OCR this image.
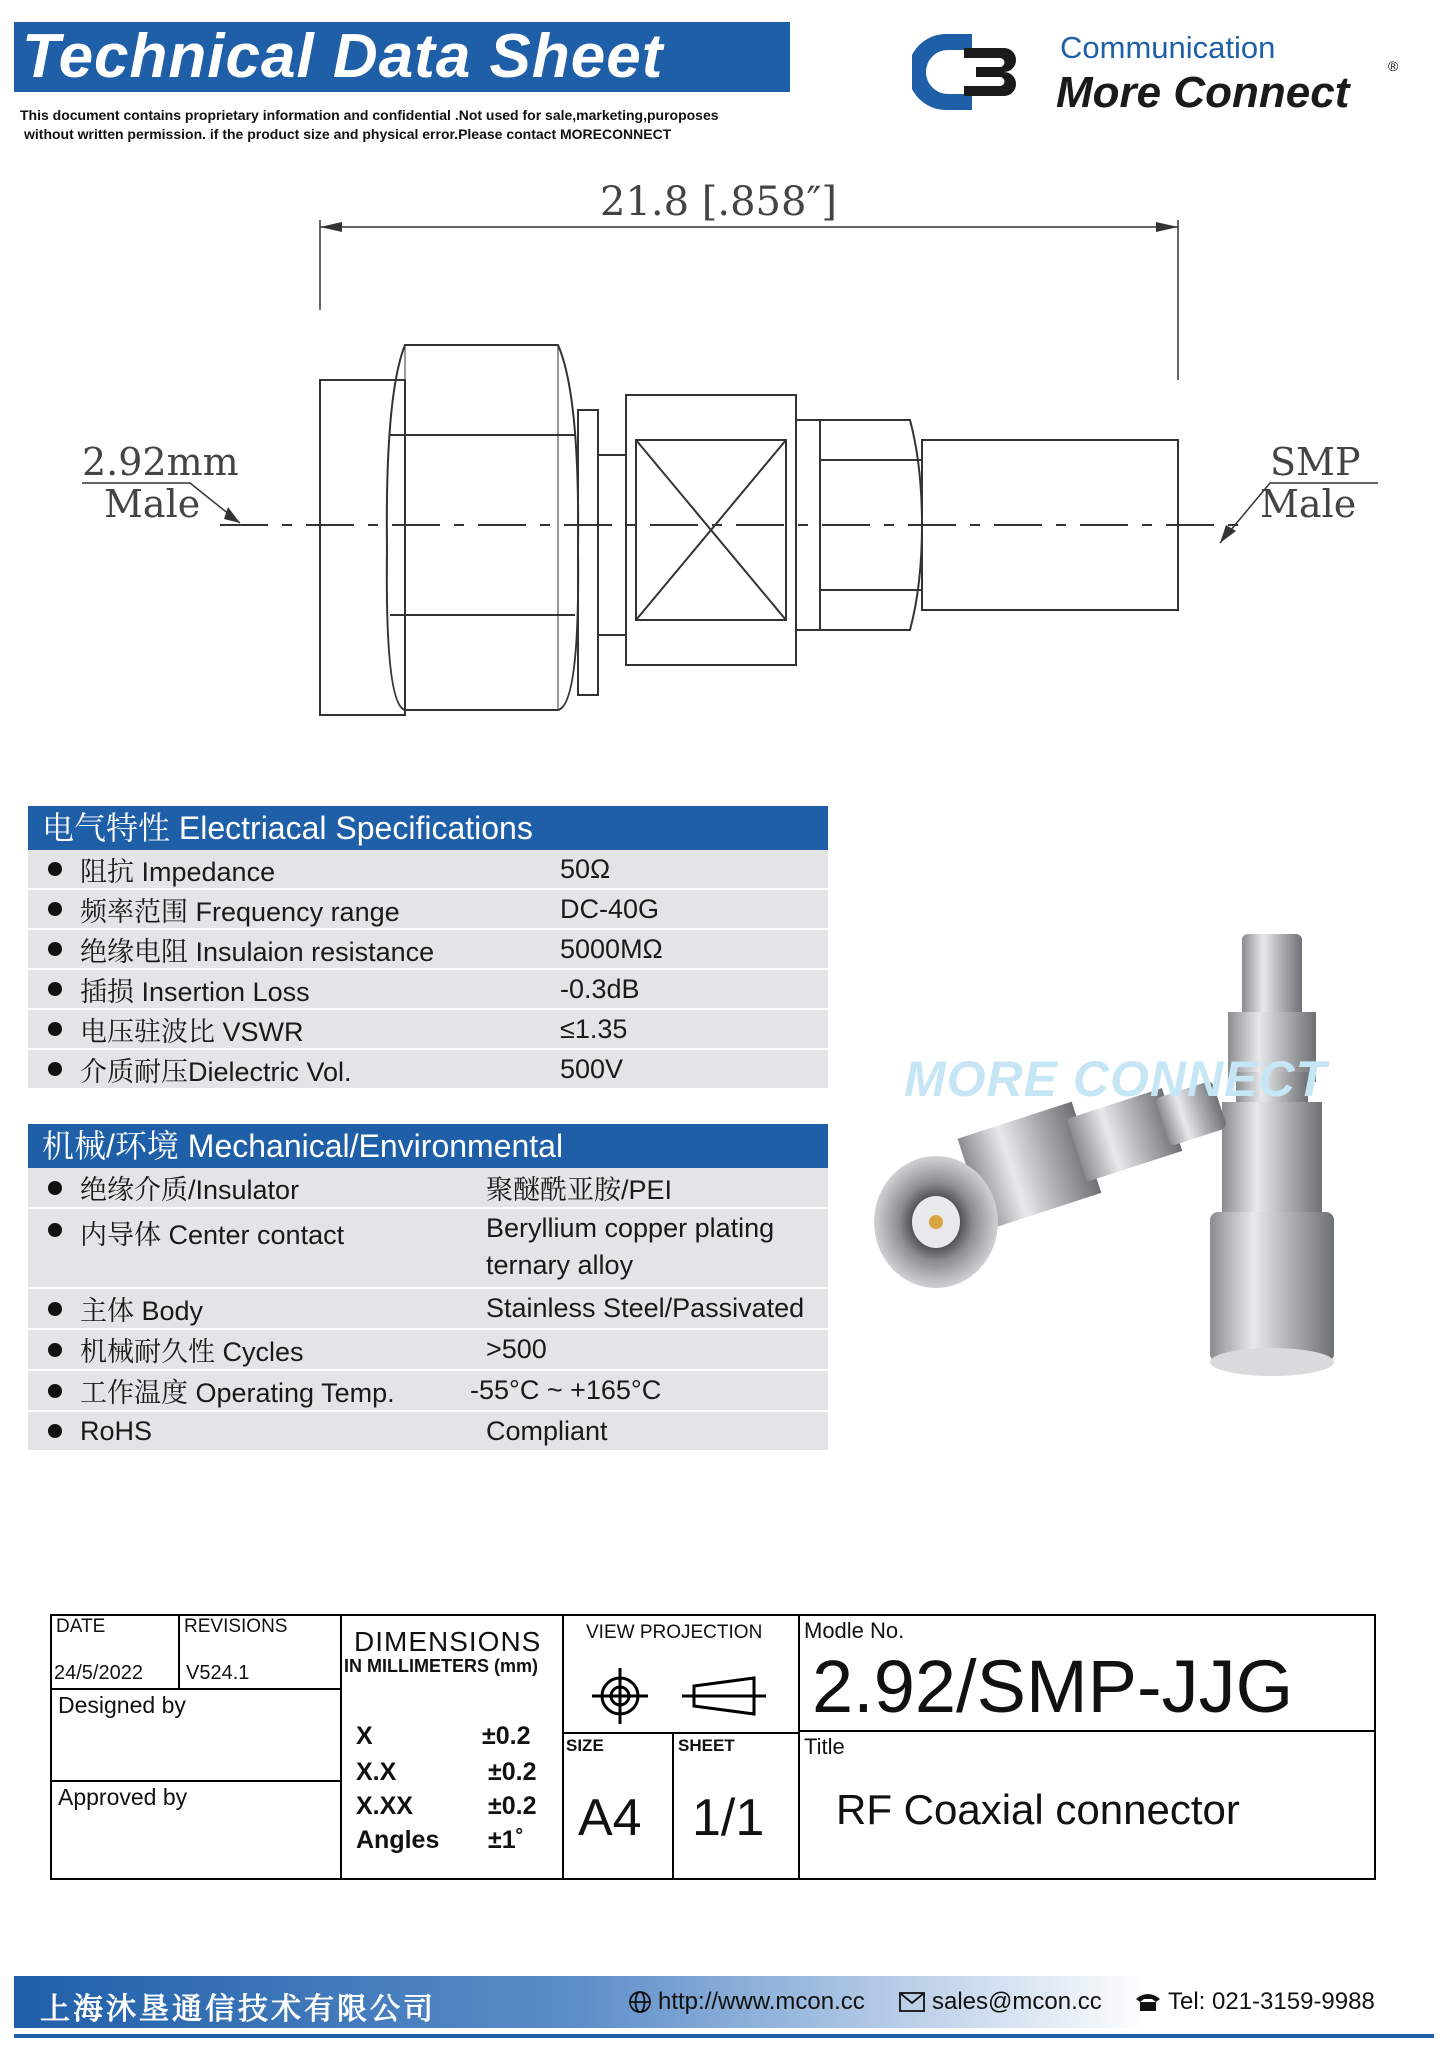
Technical Data Sheet
This document contains proprietary information and confidential .Not used for sale,marketing,puroposes
without written permission. if the product size and physical error.Please contact MORECONNECT
Communication
More Connect
®
21.8 [.858″]
2.92mm
Male
SMP
Male
电气特性 Electriacal Specifications
阻抗 Impedance	50Ω
频率范围 Frequency range	DC-40G
绝缘电阻 Insulaion resistance	5000MΩ
插损 Insertion Loss	-0.3dB
电压驻波比 VSWR	≤1.35
介质耐压Dielectric Vol.	500V
机械/环境 Mechanical/Environmental
绝缘介质/Insulator	聚醚酰亚胺/PEI
内导体 Center contact	Beryllium copper plating
ternary alloy
主体 Body	Stainless Steel/Passivated
机械耐久性 Cycles	>500
工作温度 Operating Temp.	-55°C ~ +165°C
RoHS	Compliant
MORE CONNECT
DATE
24/5/2022
REVISIONS
V524.1
Designed by
Approved by
DIMENSIONS
IN MILLIMETERS (mm)
X	±0.2
X.X	±0.2
X.XX	±0.2
Angles ±1˚
VIEW PROJECTION
SIZE
A4
SHEET
1/1
Modle No.
2.92/SMP-JJG
Title
RF Coaxial connector
上海沐垦通信技术有限公司	http://www.mcon.cc	sales@mcon.cc	Tel: 021-3159-9988
